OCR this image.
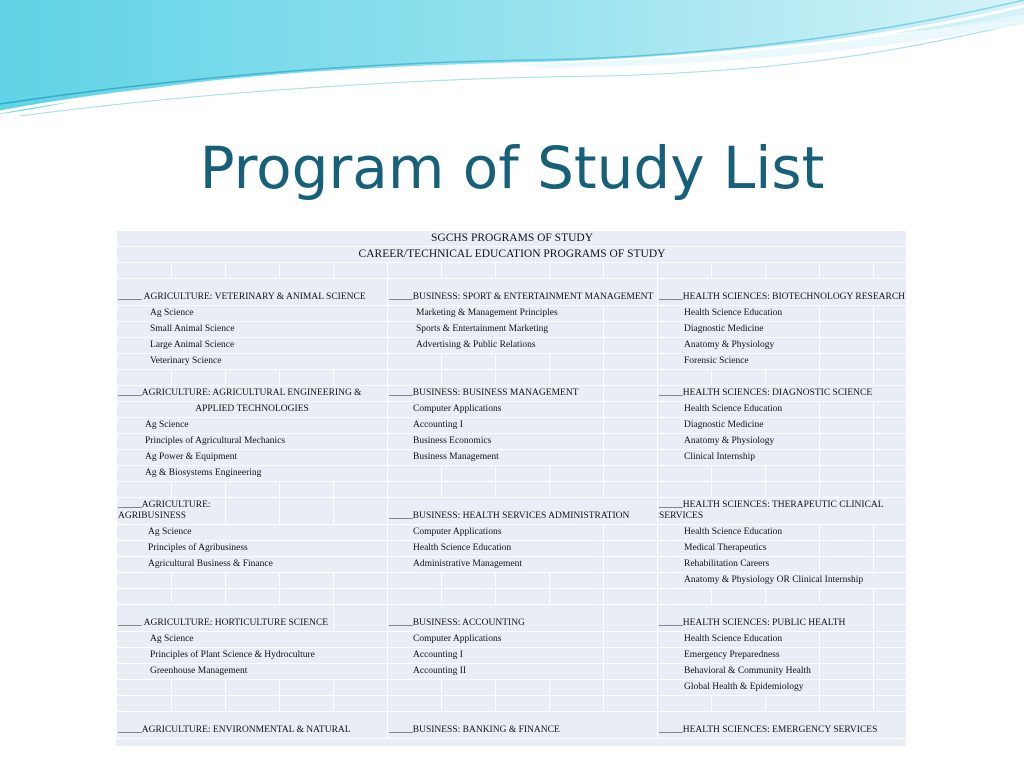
Program of Study List
SGCHS PROGRAMS OF STUDY														
CAREER/TECHNICAL EDUCATION PROGRAMS OF STUDY														

_____ AGRICULTURE: VETERINARY & ANIMAL SCIENCE					_____BUSINESS: SPORT & ENTERTAINMENT MANAGEMENT					_____HEALTH SCIENCES: BIOTECHNOLOGY RESEARCH				
Ag Science					Marketing & Management Principles					Health Science Education				
Small Animal Science					Sports & Entertainment Marketing					Diagnostic Medicine				
Large Animal Science					Advertising & Public Relations					Anatomy & Physiology				
Veterinary Science										Forensic Science				

_____AGRICULTURE: AGRICULTURAL ENGINEERING &					_____BUSINESS: BUSINESS MANAGEMENT					_____HEALTH SCIENCES: DIAGNOSTIC SCIENCE				
APPLIED TECHNOLOGIES					Computer Applications					Health Science Education				
Ag Science					Accounting I					Diagnostic Medicine				
Principles of Agricultural Mechanics					Business Economics					Anatomy & Physiology				
Ag Power & Equipment					Business Management					Clinical Internship				
Ag & Biosystems Engineering														

_____AGRICULTURE: AGRIBUSINESS					_____BUSINESS: HEALTH SERVICES ADMINISTRATION					_____HEALTH SCIENCES: THERAPEUTIC CLINICAL SERVICES				
Ag Science					Computer Applications					Health Science Education				
Principles of Agribusiness					Health Science Education					Medical Therapeutics				
Agricultural Business & Finance					Administrative Management					Rehabilitation Careers				
										Anatomy & Physiology OR Clinical Internship				

_____ AGRICULTURE: HORTICULTURE SCIENCE					_____BUSINESS: ACCOUNTING					_____HEALTH SCIENCES: PUBLIC HEALTH				
Ag Science					Computer Applications					Health Science Education				
Principles of Plant Science & Hydroculture					Accounting I					Emergency Preparedness				
Greenhouse Management					Accounting II					Behavioral & Community Health				
										Global Health & Epidemiology				

_____AGRICULTURE: ENVIRONMENTAL & NATURAL					_____BUSINESS: BANKING & FINANCE					_____HEALTH SCIENCES: EMERGENCY SERVICES				
